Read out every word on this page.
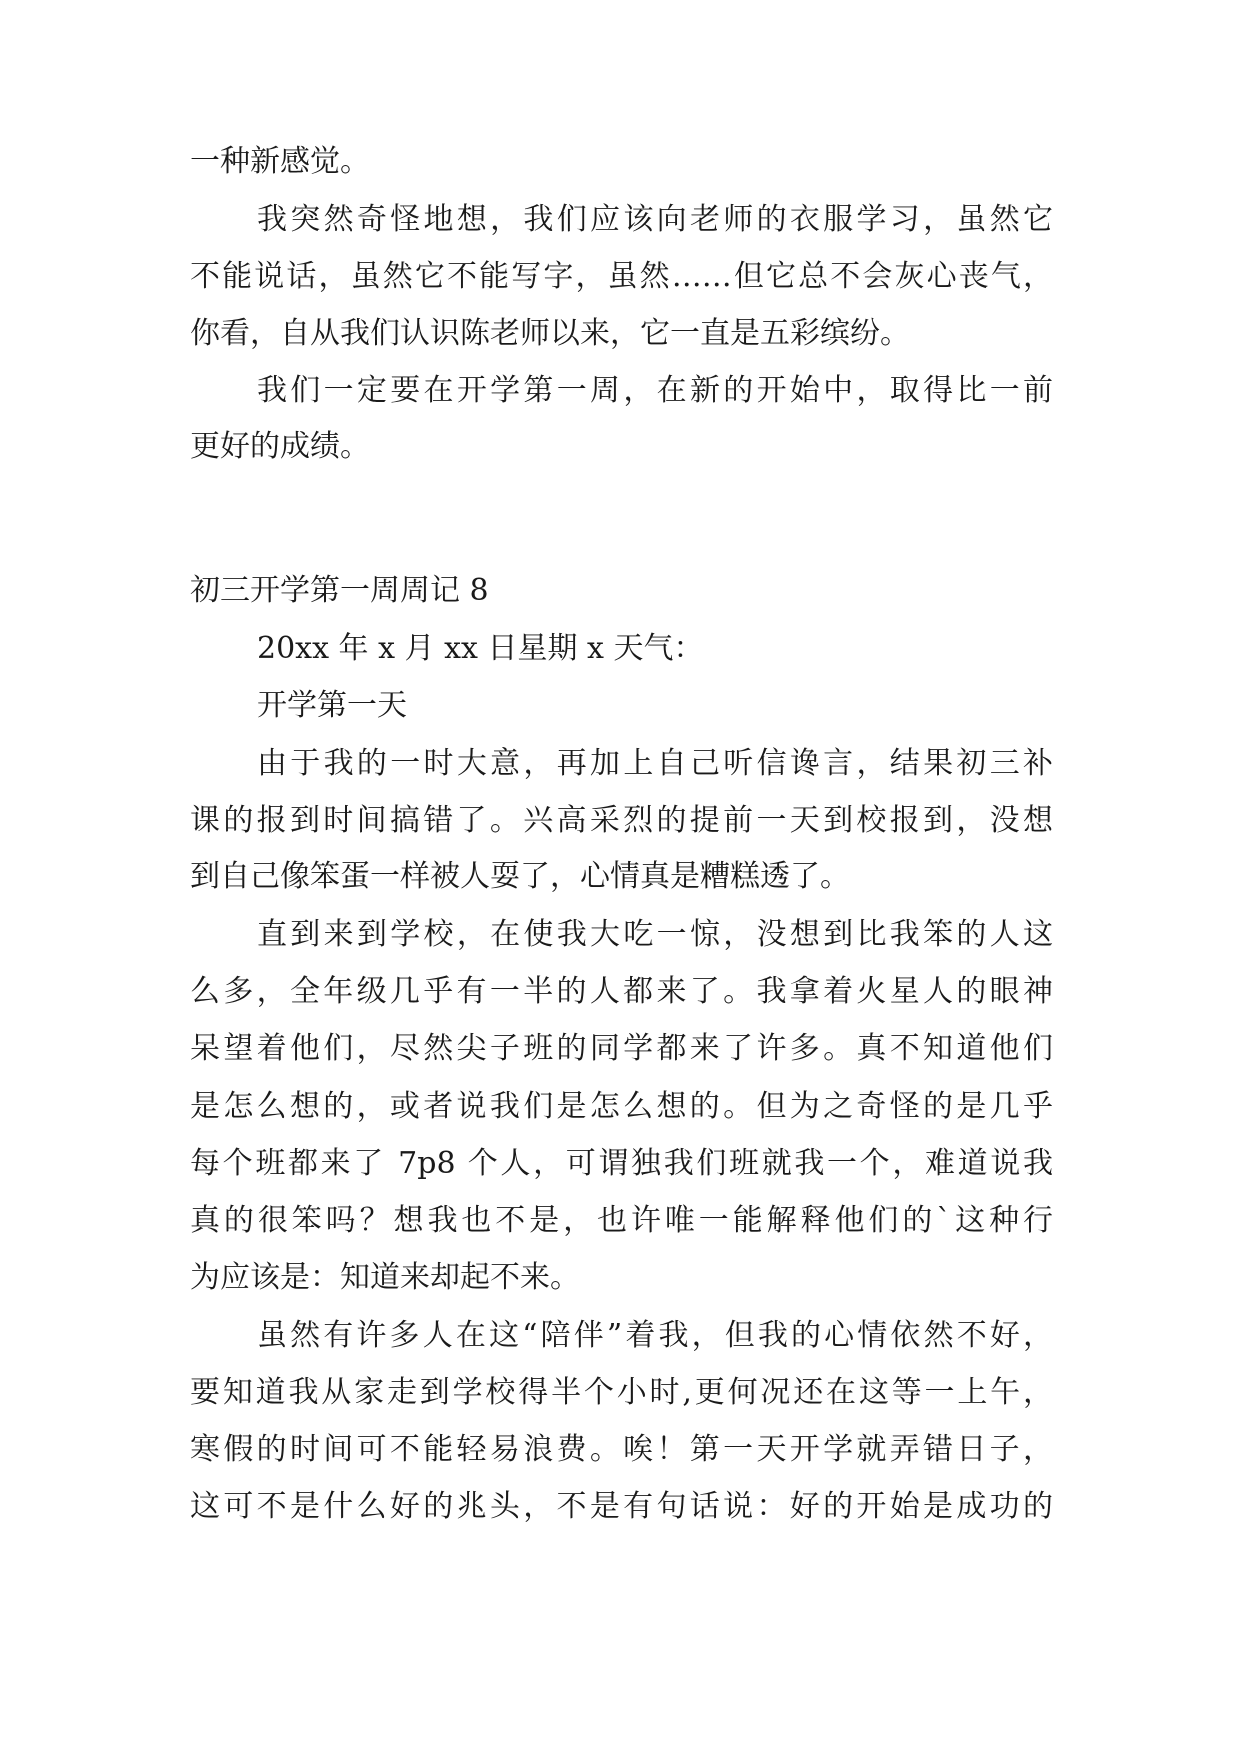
一种新感觉。
我突然奇怪地想，我们应该向老师的衣服学习，虽然它
不能说话，虽然它不能写字，虽然……但它总不会灰心丧气，
你看，自从我们认识陈老师以来，它一直是五彩缤纷。
我们一定要在开学第一周，在新的开始中，取得比一前
更好的成绩。
初三开学第一周周记 8
20xx 年 x 月 xx 日星期 x 天气：
开学第一天
由于我的一时大意，再加上自己听信谗言，结果初三补
课的报到时间搞错了。兴高采烈的提前一天到校报到，没想
到自己像笨蛋一样被人耍了，心情真是糟糕透了。
直到来到学校，在使我大吃一惊，没想到比我笨的人这
么多，全年级几乎有一半的人都来了。我拿着火星人的眼神
呆望着他们，尽然尖子班的同学都来了许多。真不知道他们
是怎么想的，或者说我们是怎么想的。但为之奇怪的是几乎
每个班都来了 7p8 个人，可谓独我们班就我一个，难道说我
真的很笨吗？想我也不是，也许唯一能解释他们的`这种行
为应该是：知道来却起不来。
虽然有许多人在这“陪伴”着我，但我的心情依然不好，
要知道我从家走到学校得半个小时,更何况还在这等一上午，
寒假的时间可不能轻易浪费。唉！第一天开学就弄错日子，
这可不是什么好的兆头，不是有句话说：好的开始是成功的
